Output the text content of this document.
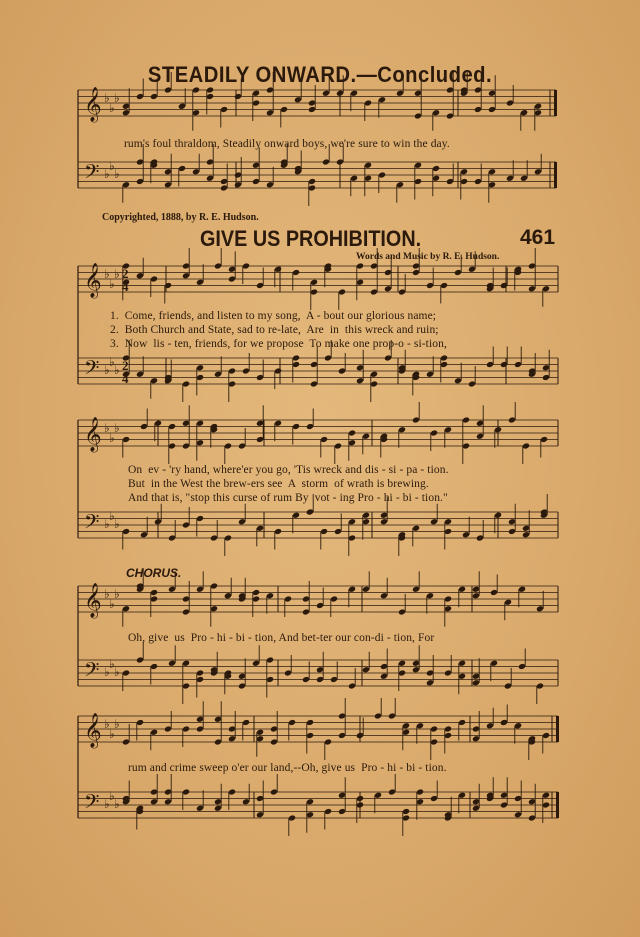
𝄞
𝄢
♭
♭
♭
♭
♭
♭
𝄞
𝄢
♭
♭
♭
♭
♭
♭
𝄞
𝄢
♭
♭
♭
♭
♭
♭
𝄞
𝄢
♭
♭
♭
♭
♭
♭
𝄞
𝄢
♭
♭
♭
♭
♭
♭
2
4
2
4
STEADILY ONWARD.—Concluded.
rum's foul thraldom, Steadily onward boys, we're sure to win the day.
Copyrighted, 1888, by R. E. Hudson.
GIVE US PROHIBITION.	461
Words and Music by R. E. Hudson.
1.  Come, friends, and listen to my song,  A - bout our glorious name;
2.  Both Church and State, sad to re-late,  Are  in  this wreck and ruin;
3.  Now  lis - ten, friends, for we propose  To make one prop-o - si-tion,
On  ev - 'ry hand, where'er you go, 'Tis wreck and dis - si - pa - tion.
But  in the West the brew-ers see  A  storm  of wrath is brewing.
And that is, "stop this curse of rum By  vot - ing Pro - hi - bi - tion."
CHORUS.
Oh, give  us  Pro - hi - bi - tion, And bet-ter our con-di - tion, For
rum and crime sweep o'er our land,--Oh, give us  Pro - hi - bi - tion.
